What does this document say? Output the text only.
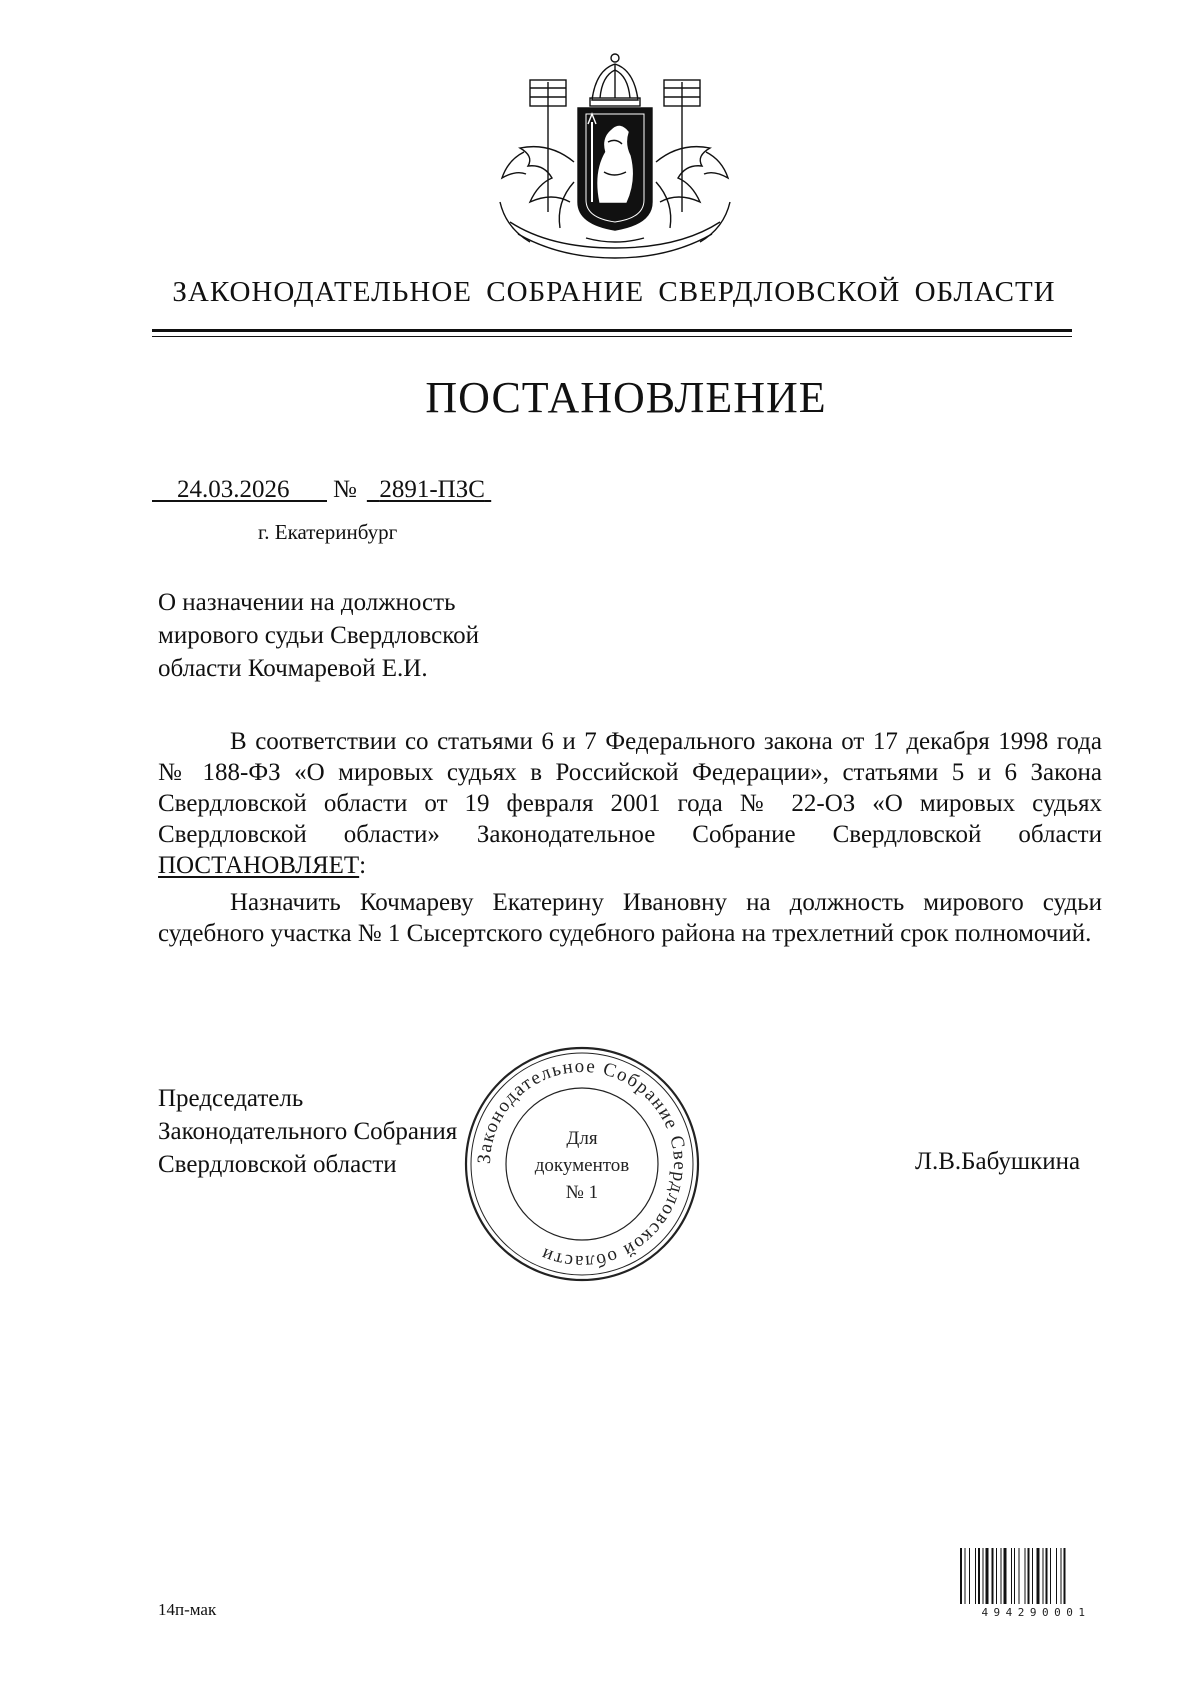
ЗАКОНОДАТЕЛЬНОЕ СОБРАНИЕ СВЕРДЛОВСКОЙ ОБЛАСТИ
ПОСТАНОВЛЕНИЕ
24.03.2026 № 2891-ПЗС
г. Екатеринбург
О назначении на должность
мирового судьи Свердловской
области Кочмаревой Е.И.

В соответствии со статьями 6 и 7 Федерального закона от 17 декабря 1998 года № 188-ФЗ «О мировых судьях в Российской Федерации», статьями 5 и 6 Закона Свердловской области от 19 февраля 2001 года № 22-ОЗ «О мировых судьях Свердловской области» Законодательное Собрание Свердловской области ПОСТАНОВЛЯЕТ:

Назначить Кочмареву Екатерину Ивановну на должность мирового судьи судебного участка № 1 Сысертского судебного района на трехлетний срок полномочий.

Председатель
Законодательного Собрания
Свердловской области	Законодательное Собрание Свердловской области
Для
документов
№ 1
Л.В.Бабушкина
14п-мак	494290001
